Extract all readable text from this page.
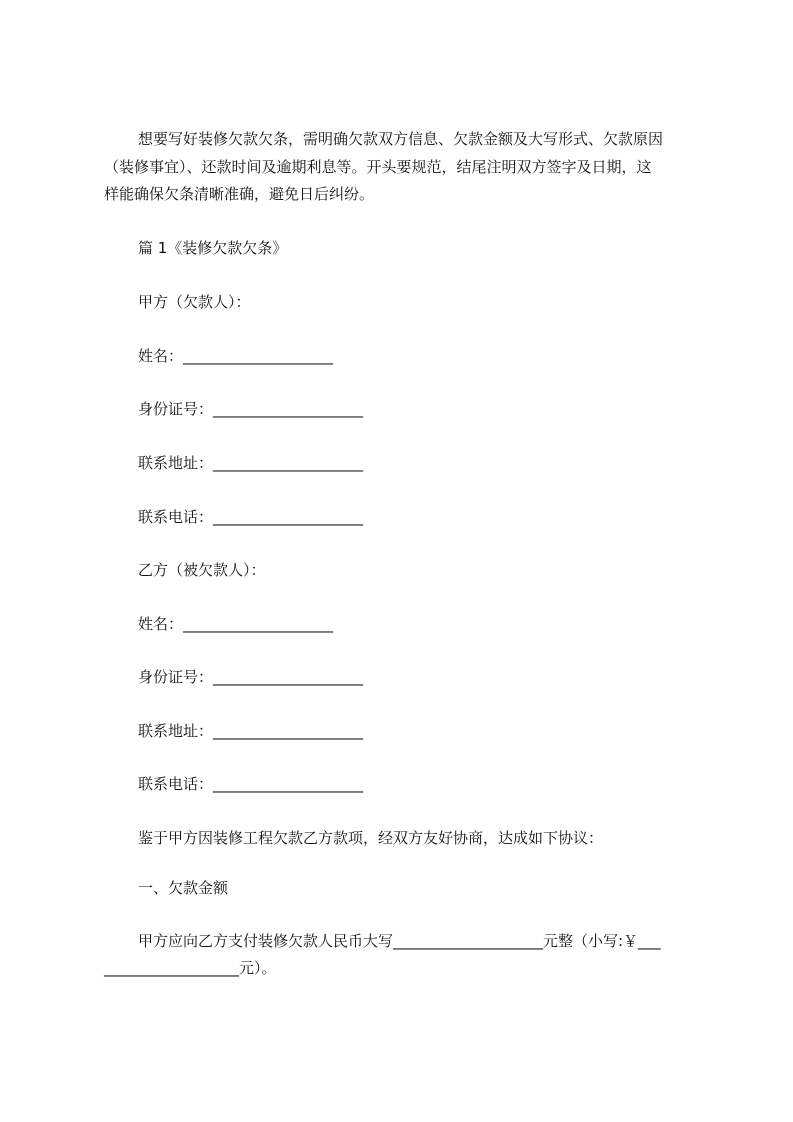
想要写好装修欠款欠条，需明确欠款双方信息、欠款金额及大写形式、欠款原因
（装修事宜）、还款时间及逾期利息等。开头要规范，结尾注明双方签字及日期，这
样能确保欠条清晰准确，避免日后纠纷。
篇 1《装修欠款欠条》
甲方（欠款人）：
姓名：____________________
身份证号：____________________
联系地址：____________________
联系电话：____________________
乙方（被欠款人）：
姓名：____________________
身份证号：____________________
联系地址：____________________
联系电话：____________________
鉴于甲方因装修工程欠款乙方款项，经双方友好协商，达成如下协议：
一、欠款金额
甲方应向乙方支付装修欠款人民币大写____________________元整（小写:￥___
__________________元）。
